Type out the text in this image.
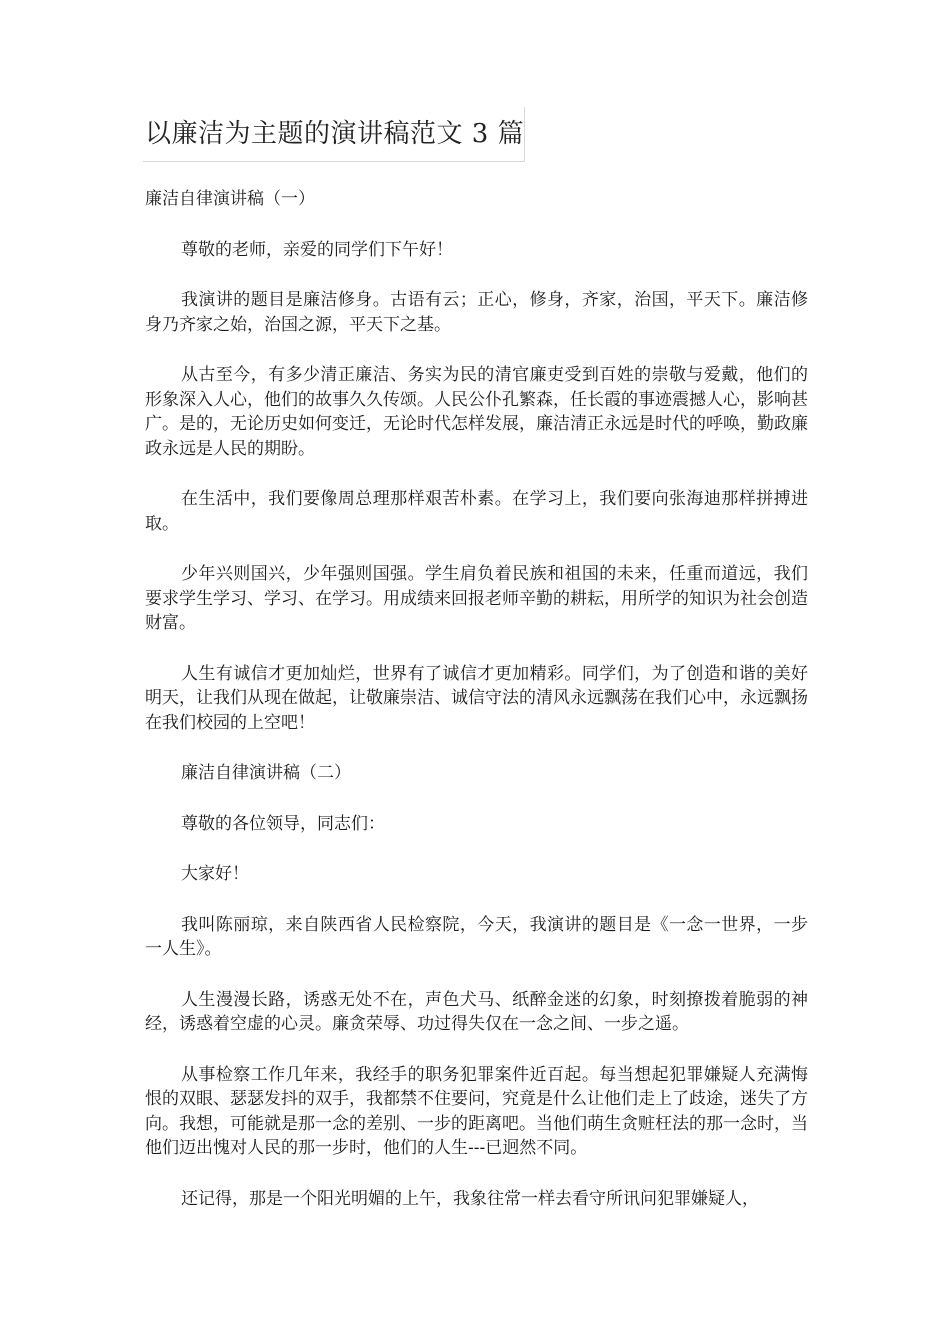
以廉洁为主题的演讲稿范文 3 篇

廉洁自律演讲稿（一）

尊敬的老师，亲爱的同学们下午好！

我演讲的题目是廉洁修身。古语有云；正心，修身，齐家，治国，平天下。廉洁修身乃齐家之始，治国之源，平天下之基。

从古至今，有多少清正廉洁、务实为民的清官廉吏受到百姓的崇敬与爱戴，他们的形象深入人心，他们的故事久久传颂。人民公仆孔繁森，任长霞的事迹震撼人心，影响甚广。是的，无论历史如何变迁，无论时代怎样发展，廉洁清正永远是时代的呼唤，勤政廉政永远是人民的期盼。

在生活中，我们要像周总理那样艰苦朴素。在学习上，我们要向张海迪那样拼搏进取。

少年兴则国兴，少年强则国强。学生肩负着民族和祖国的未来，任重而道远，我们要求学生学习、学习、在学习。用成绩来回报老师辛勤的耕耘，用所学的知识为社会创造财富。

人生有诚信才更加灿烂，世界有了诚信才更加精彩。同学们，为了创造和谐的美好明天，让我们从现在做起，让敬廉崇洁、诚信守法的清风永远飘荡在我们心中，永远飘扬在我们校园的上空吧！

廉洁自律演讲稿（二）

尊敬的各位领导，同志们：

大家好！

我叫陈丽琼，来自陕西省人民检察院，今天，我演讲的题目是《一念一世界，一步一人生》。

人生漫漫长路，诱惑无处不在，声色犬马、纸醉金迷的幻象，时刻撩拨着脆弱的神经，诱惑着空虚的心灵。廉贪荣辱、功过得失仅在一念之间、一步之遥。

从事检察工作几年来，我经手的职务犯罪案件近百起。每当想起犯罪嫌疑人充满悔恨的双眼、瑟瑟发抖的双手，我都禁不住要问，究竟是什么让他们走上了歧途，迷失了方向。我想，可能就是那一念的差别、一步的距离吧。当他们萌生贪赃枉法的那一念时，当他们迈出愧对人民的那一步时，他们的人生---已迥然不同。

还记得，那是一个阳光明媚的上午，我象往常一样去看守所讯问犯罪嫌疑人，
